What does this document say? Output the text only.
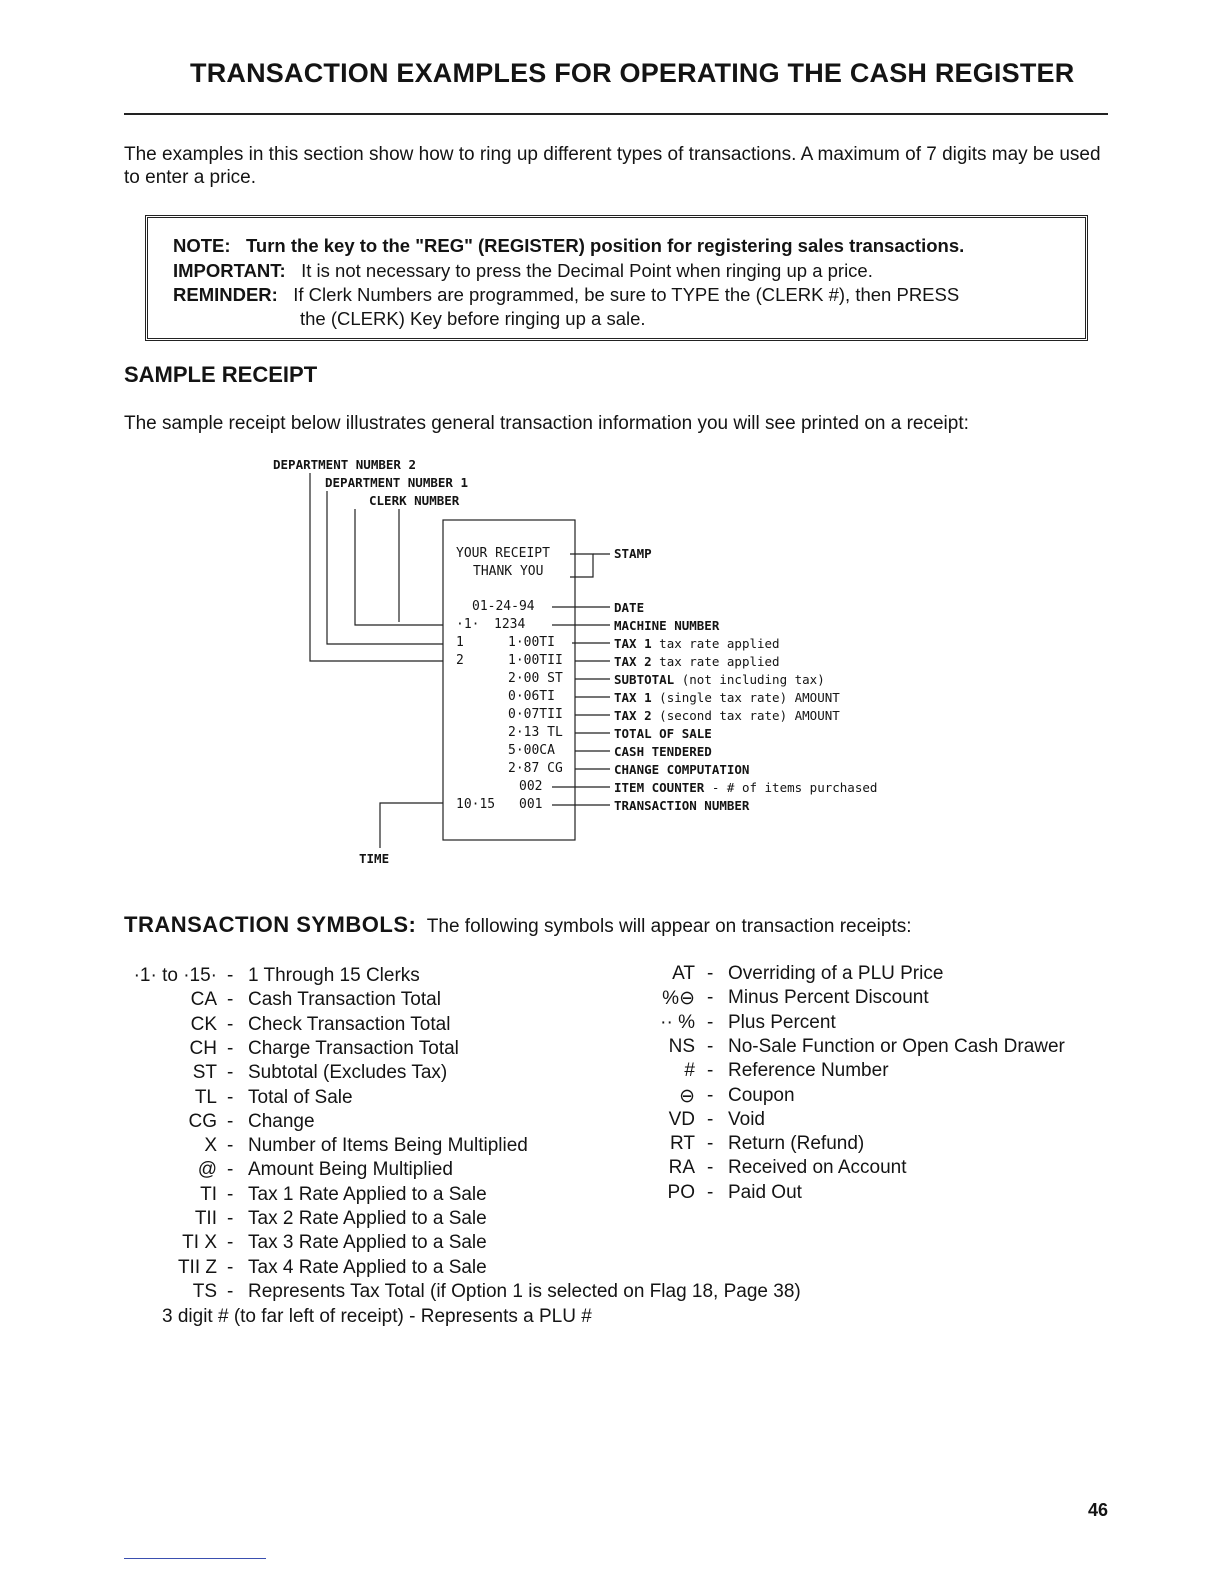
TRANSACTION EXAMPLES FOR OPERATING THE CASH REGISTER
The examples in this section show how to ring up different types of transactions. A maximum of 7 digits may be used to enter a price.
NOTE: Turn the key to the "REG" (REGISTER) position for registering sales transactions.
IMPORTANT: It is not necessary to press the Decimal Point when ringing up a price.
REMINDER: If Clerk Numbers are programmed, be sure to TYPE the (CLERK #), then PRESS
the (CLERK) Key before ringing up a sale.
SAMPLE RECEIPT
The sample receipt below illustrates general transaction information you will see printed on a receipt:
DEPARTMENT NUMBER 2
DEPARTMENT NUMBER 1
CLERK NUMBER
YOUR RECEIPT
THANK YOU
STAMP
01-24-94
·1· 1234
1	1·00TI
2	1·00TII
2·00 ST
0·06TI
0·07TII
2·13 TL
5·00CA
2·87 CG
002
10·15 001
DATE
MACHINE NUMBER
TAX 1 tax rate applied
TAX 2 tax rate applied
SUBTOTAL (not including tax)
TAX 1 (single tax rate) AMOUNT
TAX 2 (second tax rate) AMOUNT
TOTAL OF SALE
CASH TENDERED
CHANGE COMPUTATION
ITEM COUNTER - # of items purchased
TRANSACTION NUMBER
TIME
TRANSACTION SYMBOLS: The following symbols will appear on transaction receipts:
·1· to ·15· - 1 Through 15 Clerks
CA - Cash Transaction Total
CK - Check Transaction Total
CH - Charge Transaction Total
ST - Subtotal (Excludes Tax)
TL - Total of Sale
CG - Change
X - Number of Items Being Multiplied
@ - Amount Being Multiplied
TI - Tax 1 Rate Applied to a Sale
TII - Tax 2 Rate Applied to a Sale
TI X - Tax 3 Rate Applied to a Sale
TII Z - Tax 4 Rate Applied to a Sale
TS - Represents Tax Total (if Option 1 is selected on Flag 18, Page 38)
AT - Overriding of a PLU Price
%⊖ - Minus Percent Discount
·· % - Plus Percent
NS - No-Sale Function or Open Cash Drawer
# - Reference Number
⊖ - Coupon
VD - Void
RT - Return (Refund)
RA - Received on Account
PO - Paid Out
3 digit # (to far left of receipt) - Represents a PLU #
46
